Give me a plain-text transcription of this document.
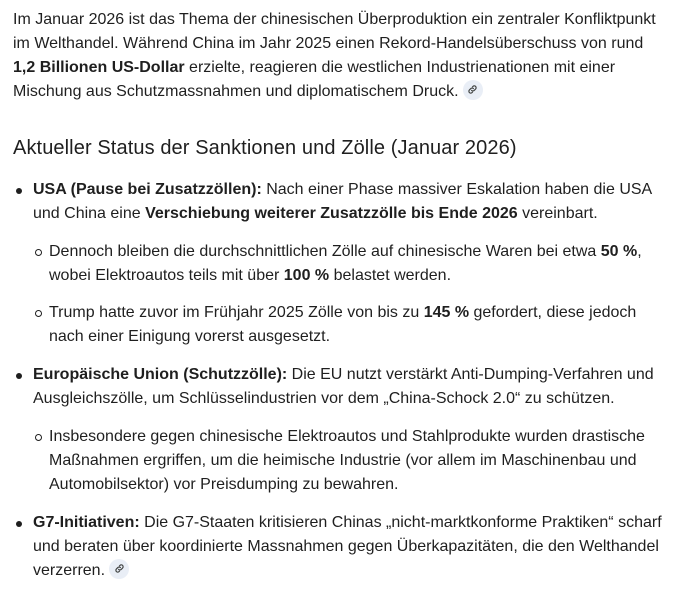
Im Januar 2026 ist das Thema der chinesischen Überproduktion ein zentraler Konfliktpunkt im Welthandel. Während China im Jahr 2025 einen Rekord-Handelsüberschuss von rund 1,2 Billionen US-Dollar erzielte, reagieren die westlichen Industrienationen mit einer Mischung aus Schutzmassnahmen und diplomatischem Druck.

Aktueller Status der Sanktionen und Zölle (Januar 2026)
USA (Pause bei Zusatzzöllen): Nach einer Phase massiver Eskalation haben die USA und China eine Verschiebung weiterer Zusatzzölle bis Ende 2026 vereinbart.
Dennoch bleiben die durchschnittlichen Zölle auf chinesische Waren bei etwa 50 %, wobei Elektroautos teils mit über 100 % belastet werden.
Trump hatte zuvor im Frühjahr 2025 Zölle von bis zu 145 % gefordert, diese jedoch nach einer Einigung vorerst ausgesetzt.
Europäische Union (Schutzzölle): Die EU nutzt verstärkt Anti-Dumping-Verfahren und Ausgleichszölle, um Schlüsselindustrien vor dem „China-Schock 2.0“ zu schützen.
Insbesondere gegen chinesische Elektroautos und Stahlprodukte wurden drastische Maßnahmen ergriffen, um die heimische Industrie (vor allem im Maschinenbau und Automobilsektor) vor Preisdumping zu bewahren.
G7-Initiativen: Die G7-Staaten kritisieren Chinas „nicht-marktkonforme Praktiken“ scharf und beraten über koordinierte Massnahmen gegen Überkapazitäten, die den Welthandel verzerren.
